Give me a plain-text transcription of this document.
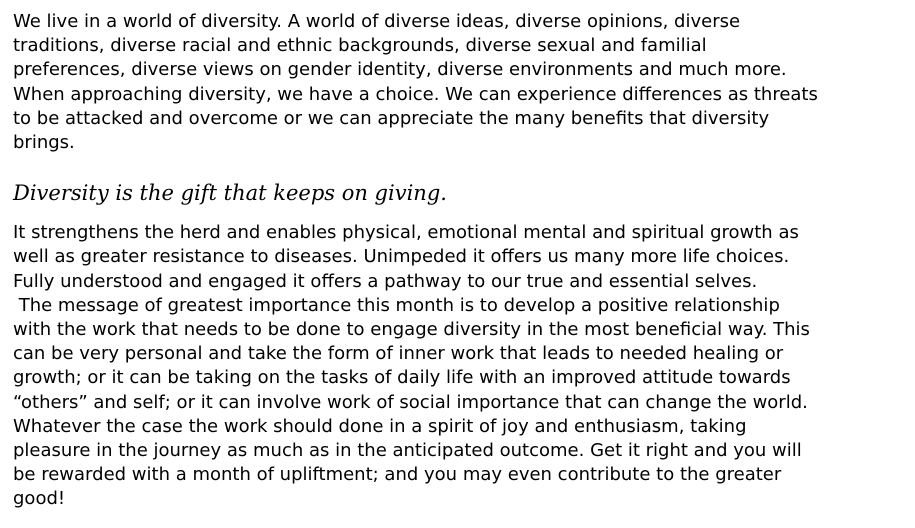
We live in a world of diversity. A world of diverse ideas, diverse opinions, diverse
traditions, diverse racial and ethnic backgrounds, diverse sexual and familial
preferences, diverse views on gender identity, diverse environments and much more.
When approaching diversity, we have a choice. We can experience differences as threats
to be attacked and overcome or we can appreciate the many benefits that diversity
brings.

Diversity is the gift that keeps on giving.

It strengthens the herd and enables physical, emotional mental and spiritual growth as
well as greater resistance to diseases. Unimpeded it offers us many more life choices.
Fully understood and engaged it offers a pathway to our true and essential selves.
The message of greatest importance this month is to develop a positive relationship
with the work that needs to be done to engage diversity in the most beneficial way. This
can be very personal and take the form of inner work that leads to needed healing or
growth; or it can be taking on the tasks of daily life with an improved attitude towards
“others” and self; or it can involve work of social importance that can change the world.
Whatever the case the work should done in a spirit of joy and enthusiasm, taking
pleasure in the journey as much as in the anticipated outcome. Get it right and you will
be rewarded with a month of upliftment; and you may even contribute to the greater
good!
